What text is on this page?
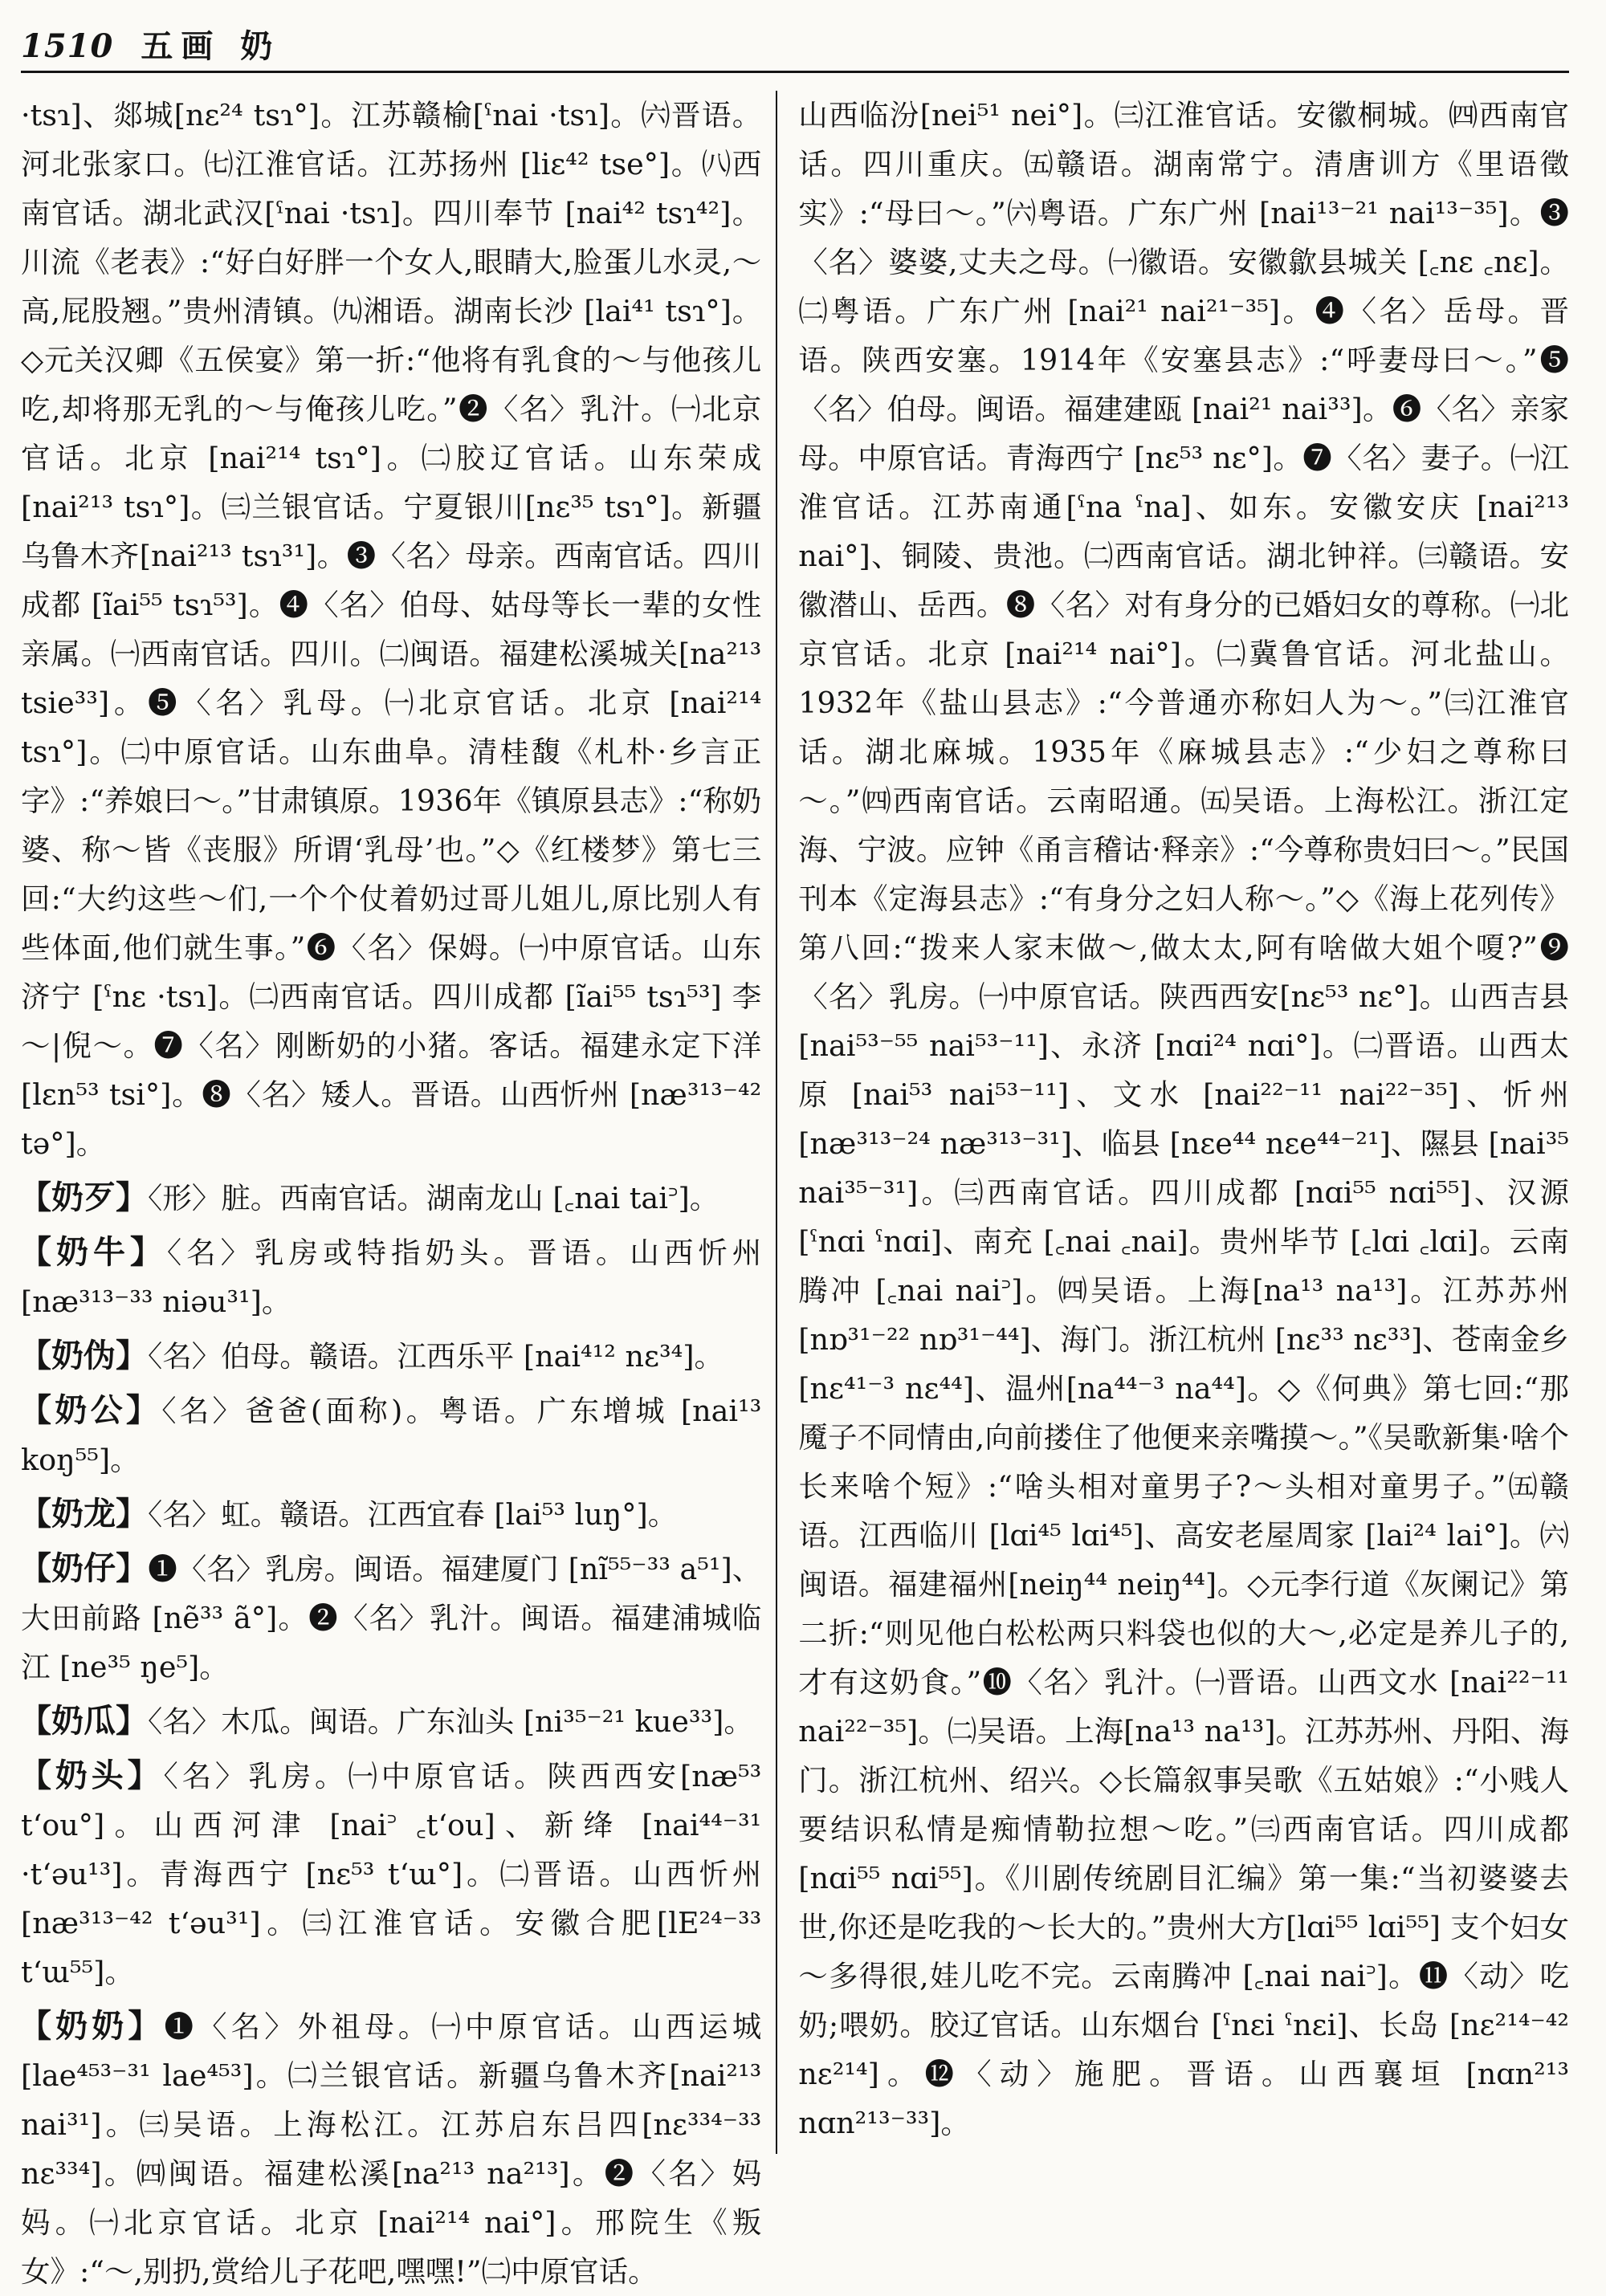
1510 五画 奶

·tsɿ]、郯城[nε²⁴ tsɿ°]。江苏赣榆[ˁnai ·tsɿ]。㈥晋语。河北张家口。㈦江淮官话。江苏扬州 [liε⁴² tse°]。㈧西南官话。湖北武汉[ˁnai ·tsɿ]。四川奉节 [nai⁴² tsɿ⁴²]。川流《老表》:“好白好胖一个女人,眼睛大,脸蛋儿水灵,～高,屁股翘。”贵州清镇。㈨湘语。湖南长沙 [lai⁴¹ tsɿ°]。◇元关汉卿《五侯宴》第一折:“他将有乳食的～与他孩儿吃,却将那无乳的～与俺孩儿吃。”❷〈名〉乳汁。㈠北京官话。北京 [nai²¹⁴ tsɿ°]。㈡胶辽官话。山东荣成 [nai²¹³ tsɿ°]。㈢兰银官话。宁夏银川[nε³⁵ tsɿ°]。新疆乌鲁木齐[nai²¹³ tsɿ³¹]。❸〈名〉母亲。西南官话。四川成都 [ĩai⁵⁵ tsɿ⁵³]。❹〈名〉伯母、姑母等长一辈的女性亲属。㈠西南官话。四川。㈡闽语。福建松溪城关[na²¹³ tsie³³]。❺〈名〉乳母。㈠北京官话。北京 [nai²¹⁴ tsɿ°]。㈡中原官话。山东曲阜。清桂馥《札朴·乡言正字》:“养娘曰～。”甘肃镇原。1936年《镇原县志》:“称奶婆、称～皆《丧服》所谓‘乳母’也。”◇《红楼梦》第七三回:“大约这些～们,一个个仗着奶过哥儿姐儿,原比别人有些体面,他们就生事。”❻〈名〉保姆。㈠中原官话。山东济宁 [ˁnε ·tsɿ]。㈡西南官话。四川成都 [ĩai⁵⁵ tsɿ⁵³] 李～|倪～。❼〈名〉刚断奶的小猪。客话。福建永定下洋 [lεn⁵³ tsi°]。❽〈名〉矮人。晋语。山西忻州 [næ³¹³⁻⁴² tə°]。

【奶歹】〈形〉脏。西南官话。湖南龙山 [꜀nai tai꜄]。

【奶牛】〈名〉乳房或特指奶头。晋语。山西忻州 [næ³¹³⁻³³ niəu³¹]。

【奶伪】〈名〉伯母。赣语。江西乐平 [nai⁴¹² nε³⁴]。

【奶公】〈名〉爸爸(面称)。粤语。广东增城 [nai¹³ koŋ⁵⁵]。

【奶龙】〈名〉虹。赣语。江西宜春 [lai⁵³ luŋ°]。

【奶仔】❶〈名〉乳房。闽语。福建厦门 [nĩ⁵⁵⁻³³ a⁵¹]、大田前路 [nẽ³³ ã°]。❷〈名〉乳汁。闽语。福建浦城临江 [ne³⁵ ŋe⁵]。

【奶瓜】〈名〉木瓜。闽语。广东汕头 [ni³⁵⁻²¹ kue³³]。

【奶头】〈名〉乳房。㈠中原官话。陕西西安[næ⁵³ tʻou°]。山西河津 [nai꜄ ꜀tʻou]、新绛 [nai⁴⁴⁻³¹ ·tʻəu¹³]。青海西宁 [nε⁵³ tʻɯ°]。㈡晋语。山西忻州 [næ³¹³⁻⁴² tʻəu³¹]。㈢江淮官话。安徽合肥[lE²⁴⁻³³ tʻɯ⁵⁵]。

【奶奶】❶〈名〉外祖母。㈠中原官话。山西运城 [lae⁴⁵³⁻³¹ lae⁴⁵³]。㈡兰银官话。新疆乌鲁木齐[nai²¹³ nai³¹]。㈢吴语。上海松江。江苏启东吕四[nε³³⁴⁻³³ nε³³⁴]。㈣闽语。福建松溪[na²¹³ na²¹³]。❷〈名〉妈妈。㈠北京官话。北京 [nai²¹⁴ nai°]。邢院生《叛女》:“～,别扔,赏给儿子花吧,嘿嘿!”㈡中原官话。

山西临汾[nei⁵¹ nei°]。㈢江淮官话。安徽桐城。㈣西南官话。四川重庆。㈤赣语。湖南常宁。清唐训方《里语徵实》:“母曰～。”㈥粤语。广东广州 [nai¹³⁻²¹ nai¹³⁻³⁵]。❸〈名〉婆婆,丈夫之母。㈠徽语。安徽歙县城关 [꜀nε ꜀nε]。㈡粤语。广东广州 [nai²¹ nai²¹⁻³⁵]。❹〈名〉岳母。晋语。陕西安塞。1914年《安塞县志》:“呼妻母曰～。”❺〈名〉伯母。闽语。福建建瓯 [nai²¹ nai³³]。❻〈名〉亲家母。中原官话。青海西宁 [nε⁵³ nε°]。❼〈名〉妻子。㈠江淮官话。江苏南通[ˁna ˁna]、如东。安徽安庆 [nai²¹³ nai°]、铜陵、贵池。㈡西南官话。湖北钟祥。㈢赣语。安徽潜山、岳西。❽〈名〉对有身分的已婚妇女的尊称。㈠北京官话。北京 [nai²¹⁴ nai°]。㈡冀鲁官话。河北盐山。1932年《盐山县志》:“今普通亦称妇人为～。”㈢江淮官话。湖北麻城。1935年《麻城县志》:“少妇之尊称曰～。”㈣西南官话。云南昭通。㈤吴语。上海松江。浙江定海、宁波。应钟《甬言稽诂·释亲》:“今尊称贵妇曰～。”民国刊本《定海县志》:“有身分之妇人称～。”◇《海上花列传》第八回:“拨来人家末做～,做太太,阿有啥做大姐个嗄?”❾〈名〉乳房。㈠中原官话。陕西西安[nε⁵³ nε°]。山西吉县 [nai⁵³⁻⁵⁵ nai⁵³⁻¹¹]、永济 [nɑi²⁴ nɑi°]。㈡晋语。山西太原 [nai⁵³ nai⁵³⁻¹¹]、文水 [nai²²⁻¹¹ nai²²⁻³⁵]、忻州 [næ³¹³⁻²⁴ næ³¹³⁻³¹]、临县 [nεe⁴⁴ nεe⁴⁴⁻²¹]、隰县 [nai³⁵ nai³⁵⁻³¹]。㈢西南官话。四川成都 [nɑi⁵⁵ nɑi⁵⁵]、汉源 [ˁnɑi ˁnɑi]、南充 [꜀nai ꜀nai]。贵州毕节 [꜀lɑi ꜀lɑi]。云南腾冲 [꜀nai nai꜄]。㈣吴语。上海[na¹³ na¹³]。江苏苏州 [nɒ³¹⁻²² nɒ³¹⁻⁴⁴]、海门。浙江杭州 [nε³³ nε³³]、苍南金乡 [nε⁴¹⁻³ nε⁴⁴]、温州[na⁴⁴⁻³ na⁴⁴]。◇《何典》第七回:“那魇子不同情由,向前搂住了他便来亲嘴摸～。”《吴歌新集·啥个长来啥个短》:“啥头相对童男子?～头相对童男子。”㈤赣语。江西临川 [lɑi⁴⁵ lɑi⁴⁵]、高安老屋周家 [lai²⁴ lai°]。㈥闽语。福建福州[neiŋ⁴⁴ neiŋ⁴⁴]。◇元李行道《灰阑记》第二折:“则见他白松松两只料袋也似的大～,必定是养儿子的,才有这奶食。”❿〈名〉乳汁。㈠晋语。山西文水 [nai²²⁻¹¹ nai²²⁻³⁵]。㈡吴语。上海[na¹³ na¹³]。江苏苏州、丹阳、海门。浙江杭州、绍兴。◇长篇叙事吴歌《五姑娘》:“小贱人要结识私情是痴情勒拉想～吃。”㈢西南官话。四川成都[nɑi⁵⁵ nɑi⁵⁵]。《川剧传统剧目汇编》第一集:“当初婆婆去世,你还是吃我的～长大的。”贵州大方[lɑi⁵⁵ lɑi⁵⁵] 支个妇女～多得很,娃儿吃不完。云南腾冲 [꜀nai nai꜄]。⓫〈动〉吃奶;喂奶。胶辽官话。山东烟台 [ˁnεi ˁnεi]、长岛 [nε²¹⁴⁻⁴² nε²¹⁴]。⓬〈动〉施肥。晋语。山西襄垣 [nɑn²¹³ nɑn²¹³⁻³³]。
